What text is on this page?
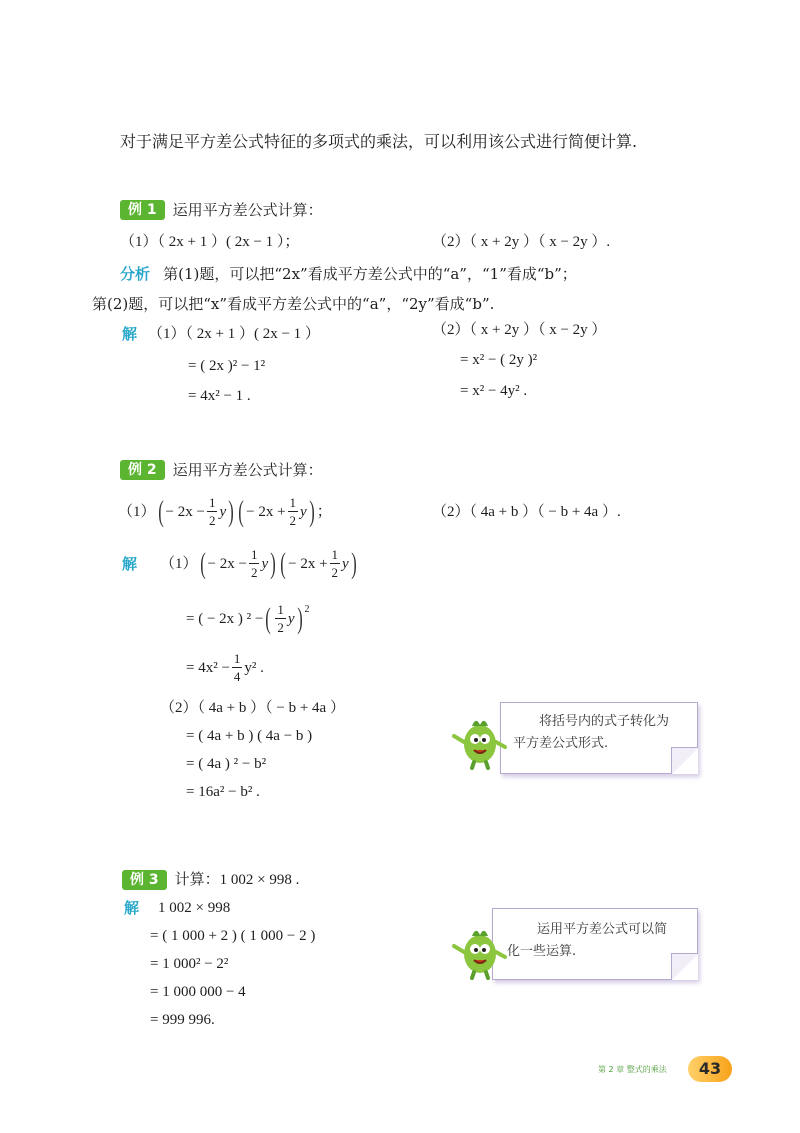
对于满足平方差公式特征的多项式的乘法，可以利用该公式进行简便计算.
例 1	运用平方差公式计算：
（1）（ 2x + 1 ）( 2x − 1 ）；	（2）（ x + 2y ）（ x − 2y ）.
分析 第(1)题，可以把“2x”看成平方差公式中的“a”，“1”看成“b”；
第(2)题，可以把“x”看成平方差公式中的“a”，“2y”看成“b”.
解 （1）（ 2x + 1 ）( 2x − 1 ）
= ( 2x )² − 1²
= 4x² − 1 .
（2）（ x + 2y ）（ x − 2y ）
= x² − ( 2y )²
= x² − 4y² .
例 2	运用平方差公式计算：
（1） ( − $2x - \frac{1}{2}$ y ) ( − $2x + \frac{1}{2}$ y ) ；	（2）（ 4a + b ）（ − b + 4a ）.
解 （1） ( − $2x - \frac{1}{2}$ y ) ( − $2x + \frac{1}{2}$ y )
= ( − 2x ) ² − ( $\frac{1}{2}$ y )$^2$
= $4x^2 - \frac{1}{4} y^2$ .
（2）（ 4a + b ）（ − b + 4a ）
= ( 4a + b ) ( 4a − b )
= ( 4a ) ² − b²
= 16a² − b² .

将括号内的式子转化为

平方差公式形式.

例 3	计算：1 002 × 998 .
解 1 002 × 998
= ( 1 000 + 2 ) ( 1 000 − 2 )
= 1 000² − 2²
= 1 000 000 − 4
= 999 996.

运用平方差公式可以简

化一些运算.

第 2 章 整式的乘法	43
